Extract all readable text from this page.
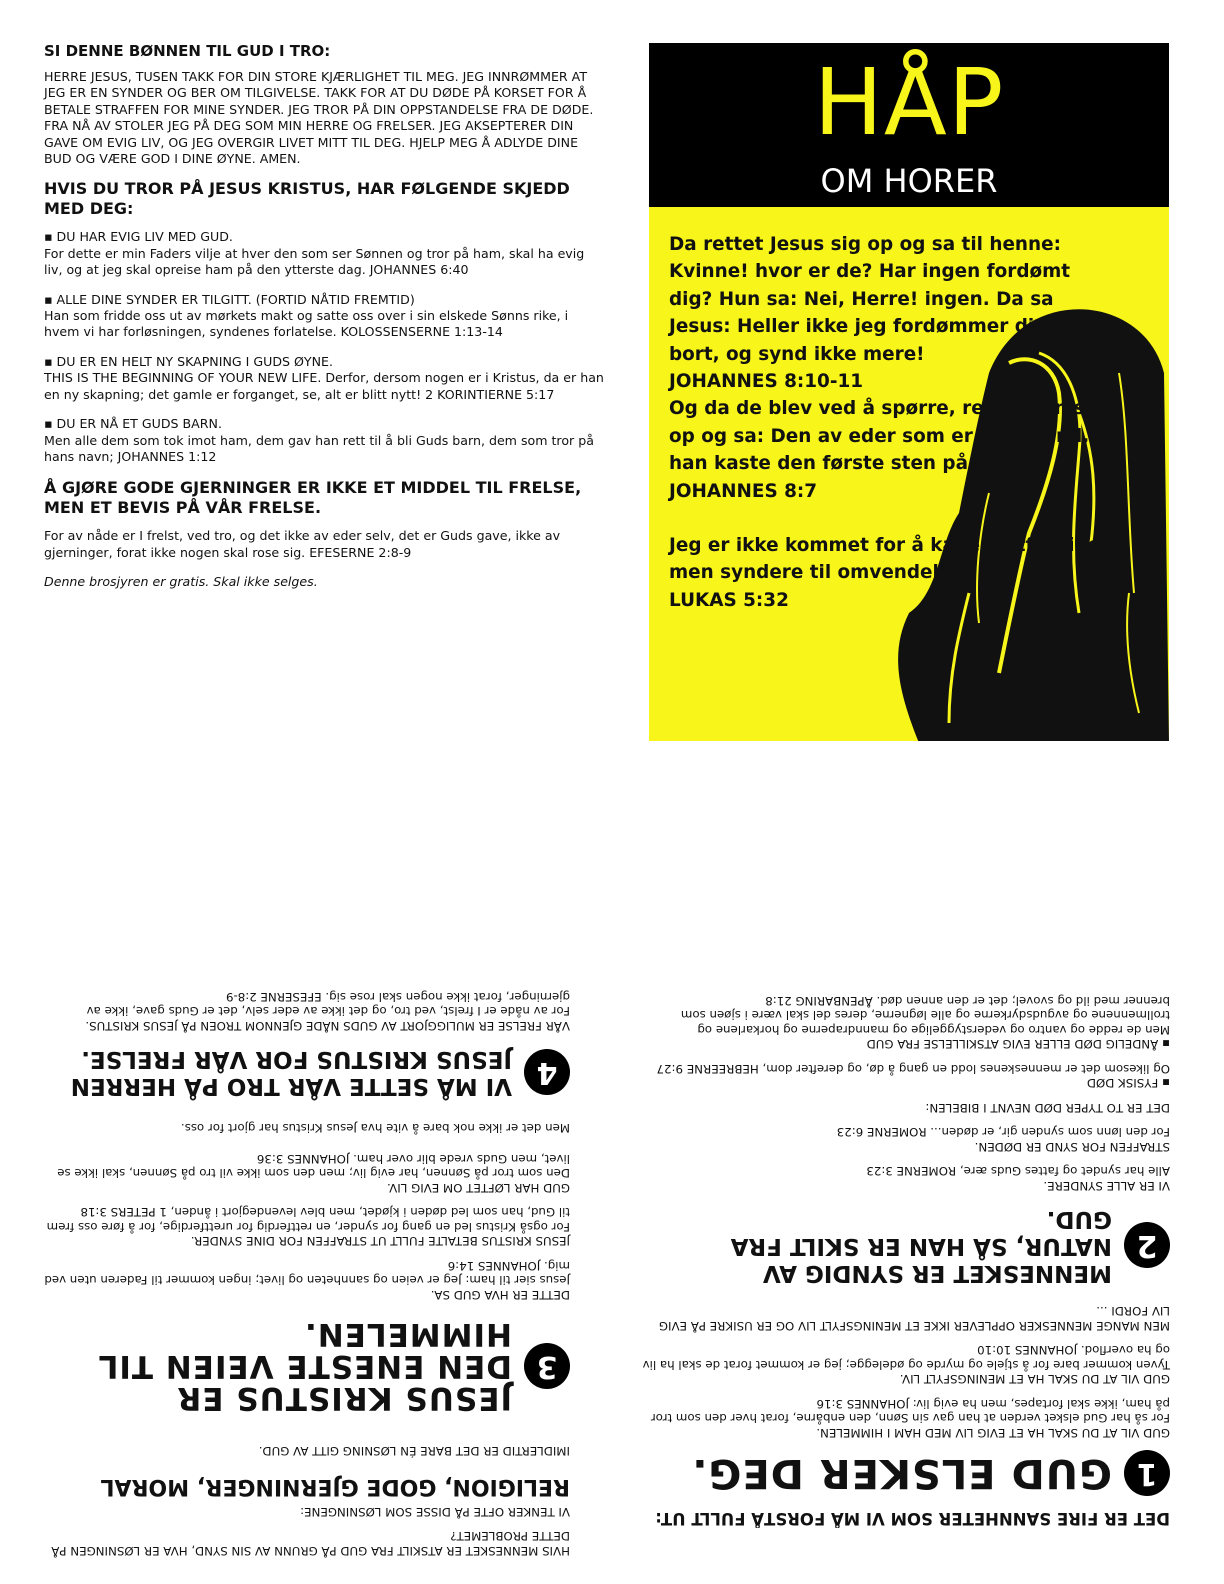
SI DENNE BØNNEN TIL GUD I TRO:

HERRE JESUS, TUSEN TAKK FOR DIN STORE KJÆRLIGHET TIL MEG. JEG INNRØMMER AT JEG ER EN SYNDER OG BER OM TILGIVELSE. TAKK FOR AT DU DØDE PÅ KORSET FOR Å BETALE STRAFFEN FOR MINE SYNDER. JEG TROR PÅ DIN OPPSTANDELSE FRA DE DØDE. FRA NÅ AV STOLER JEG PÅ DEG SOM MIN HERRE OG FRELSER. JEG AKSEPTERER DIN GAVE OM EVIG LIV, OG JEG OVERGIR LIVET MITT TIL DEG. HJELP MEG Å ADLYDE DINE BUD OG VÆRE GOD I DINE ØYNE. AMEN.

HVIS DU TROR PÅ JESUS KRISTUS, HAR FØLGENDE SKJEDD MED DEG:

▪ DU HAR EVIG LIV MED GUD.
For dette er min Faders vilje at hver den som ser Sønnen og tror på ham, skal ha evig liv, og at jeg skal opreise ham på den ytterste dag. JOHANNES 6:40
▪ ALLE DINE SYNDER ER TILGITT. (FORTID NÅTID FREMTID)
Han som fridde oss ut av mørkets makt og satte oss over i sin elskede Sønns rike, i hvem vi har forløsningen, syndenes forlatelse. KOLOSSENSERNE 1:13-14
▪ DU ER EN HELT NY SKAPNING I GUDS ØYNE.
THIS IS THE BEGINNING OF YOUR NEW LIFE. Derfor, dersom nogen er i Kristus, da er han en ny skapning; det gamle er forganget, se, alt er blitt nytt! 2 KORINTIERNE 5:17
▪ DU ER NÅ ET GUDS BARN.
Men alle dem som tok imot ham, dem gav han rett til å bli Guds barn, dem som tror på hans navn; JOHANNES 1:12

Å GJØRE GODE GJERNINGER ER IKKE ET MIDDEL TIL FRELSE, MEN ET BEVIS PÅ VÅR FRELSE.

For av nåde er I frelst, ved tro, og det ikke av eder selv, det er Guds gave, ikke av gjerninger, forat ikke nogen skal rose sig. EFESERNE 2:8-9

Denne brosjyren er gratis. Skal ikke selges.

HÅP
OM HORER

Da rettet Jesus sig op og sa til henne: Kvinne! hvor er de? Har ingen fordømt dig? Hun sa: Nei, Herre! ingen. Da sa Jesus: Heller ikke jeg fordømmer dig; gå bort, og synd ikke mere!

JOHANNES 8:10-11

Og da de blev ved å spørre, rettet han sig op og sa: Den av eder som er uten synd, han kaste den første sten på henne!

JOHANNES 8:7

Jeg er ikke kommet for å kalle rettferdige, men syndere til omvendelse.

LUKAS 5:32

HVIS MENNESKET ER ATSKILT FRA GUD PÅ GRUNN AV SIN SYND, HVA ER LØSNINGEN PÅ DETTE PROBLEMET?

VI TENKER OFTE PÅ DISSE SOM LØSNINGENE:

RELIGION, GODE GJERNINGER, MORAL

IMIDLERTID ER DET BARE ÉN LØSNING GITT AV GUD.

3
JESUS KRISTUS ER DEN ENESTE VEIEN TIL HIMMELEN.

DETTE ER HVA GUD SA.

Jesus sier til ham: Jeg er veien og sannheten og livet; ingen kommer til Faderen uten ved mig. JOHANNES 14:6

JESUS KRISTUS BETALTE FULLT UT STRAFFEN FOR DINE SYNDER.

For også Kristus led en gang for synder, en rettferdig for urettferdige, for å føre oss frem til Gud, han som led døden i kjødet, men blev levendegjort i ånden, 1 PETERS 3:18

GUD HAR LØFTET OM EVIG LIV.

Den som tror på Sønnen, har evig liv; men den som ikke vil tro på Sønnen, skal ikke se livet, men Guds vrede blir over ham. JOHANNES 3:36

Men det er ikke nok bare å vite hva Jesus Kristus har gjort for oss.

4
VI MÅ SETTE VÅR TRO PÅ HERREN JESUS KRISTUS FOR VÅR FRELSE.

VÅR FRELSE ER MULIGGJORT AV GUDS NÅDE GJENNOM TROEN PÅ JESUS KRISTUS.

For av nåde er I frelst, ved tro, og det ikke av eder selv, det er Guds gave, ikke av gjerninger, forat ikke nogen skal rose sig. EFESERNE 2:8-9

DET ER FIRE SANNHETER SOM VI MÅ FORSTÅ FULLT UT:

1
GUD ELSKER DEG.

GUD VIL AT DU SKAL HA ET EVIG LIV MED HAM I HIMMELEN.

For så har Gud elsket verden at han gav sin Sønn, den enbårne, forat hver den som tror på ham, ikke skal fortapes, men ha evig liv: JOHANNES 3:16

GUD VIL AT DU SKAL HA ET MENINGSFYLT LIV.

Tyven kommer bare for å stjele og myrde og ødelegge; jeg er kommet forat de skal ha liv og ha overflod. JOHANNES 10:10

MEN MANGE MENNESKER OPPLEVER IKKE ET MENINGSFYLT LIV OG ER USIKRE PÅ EVIG LIV FORDI ...

2
MENNESKET ER SYNDIG AV NATUR, SÅ HAN ER SKILT FRA GUD.

VI ER ALLE SYNDERE.

Alle har syndet og fattes Guds ære, ROMERNE 3:23

STRAFFEN FOR SYND ER DØDEN.

For den lønn som synden gir, er døden... ROMERNE 6:23

DET ER TO TYPER DØD NEVNT I BIBELEN:

▪ FYSISK DØD

Og likesom det er menneskenes lodd en gang å dø, og derefter dom, HEBREERNE 9:27

▪ ÅNDELIG DØD ELLER EVIG ATSKILLELSE FRA GUD

Men de redde og vantro og vederstyggelige og manndraperne og horkarlene og trollmennene og avgudsdyrkerne og alle løgnerne, deres del skal være i sjøen som brenner med ild og svovel; det er den annen død. ÅPENBARING 21:8
